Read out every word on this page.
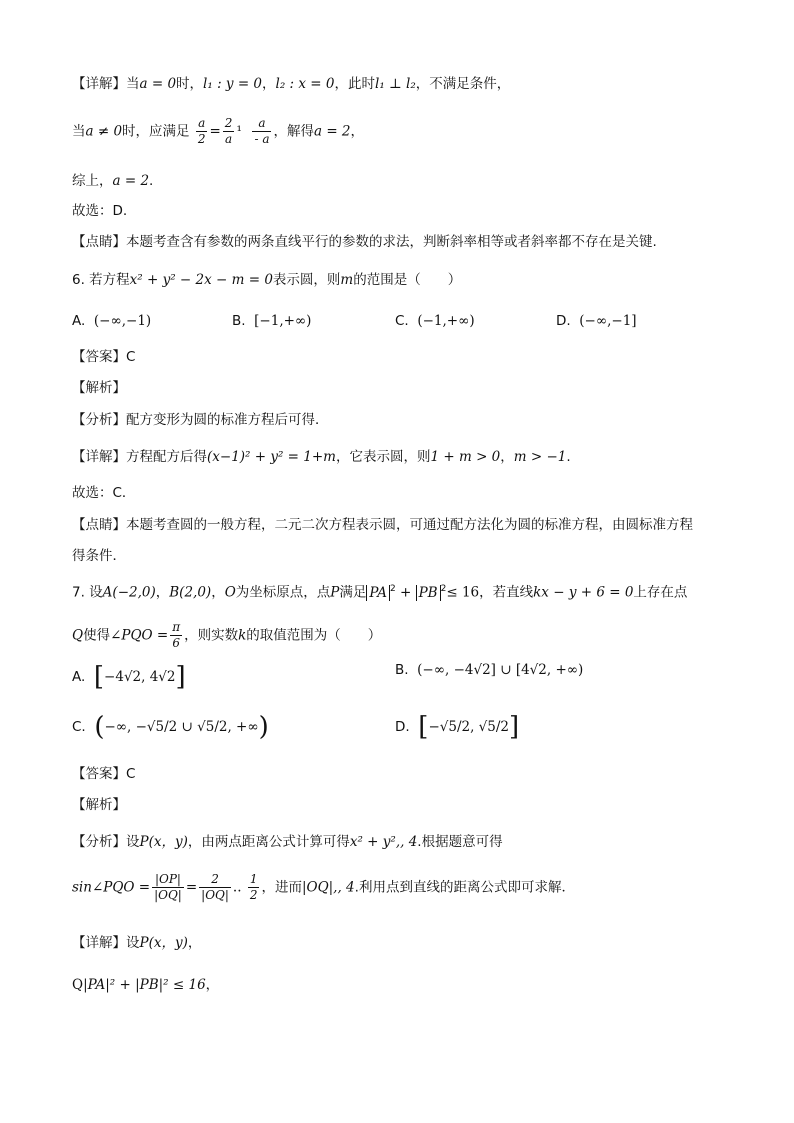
【详解】当a = 0时，l₁ : y = 0，l₂ : x = 0，此时l₁ ⊥ l₂，不满足条件，
当a ≠ 0时，应满足 $\frac{a}{2} = \frac{2}{a} ^1 \frac{a}{- a}$ ，解得a = 2，
综上，a = 2.
故选：D.
【点睛】本题考查含有参数的两条直线平行的参数的求法，判断斜率相等或者斜率都不存在是关键.
6. 若方程x² + y² − 2x − m = 0表示圆，则m的范围是（　　）
A. (−∞,−1)	B. [−1,+∞)	C. (−1,+∞)	D. (−∞,−1]
【答案】C
【解析】
【分析】配方变形为圆的标准方程后可得．
【详解】方程配方后得(x−1)² + y² = 1+m，它表示圆，则1 + m > 0，m > −1.
故选：C．
【点睛】本题考查圆的一般方程，二元二次方程表示圆，可通过配方法化为圆的标准方程，由圆标准方程
得条件．
7. 设A(−2,0)，B(2,0)，O为坐标原点，点P满足 PA $^2$ + PB $^2$≤ 16，若直线kx − y + 6 = 0上存在点
Q使得∠PQO = $\frac{\pi}{6}$ ，则实数k的取值范围为（　　）
A. [−4√2, 4√2]	B. (−∞, −4√2] ∪ [4√2, +∞)
C. (−∞, −√5/2 ∪ √5/2, +∞)	D. [−√5/2, √5/2]
【答案】C
【解析】
【分析】设P(x，y)，由两点距离公式计算可得x² + y²,, 4.根据题意可得
sin∠PQO = $\frac{|OP|}{|OQ|} = \frac{2}{|OQ|}$ .. $\frac{1}{2}$ ，进而|OQ|,, 4.利用点到直线的距离公式即可求解．
【详解】设P(x，y)，
Q|PA|² + |PB|² ≤ 16，
